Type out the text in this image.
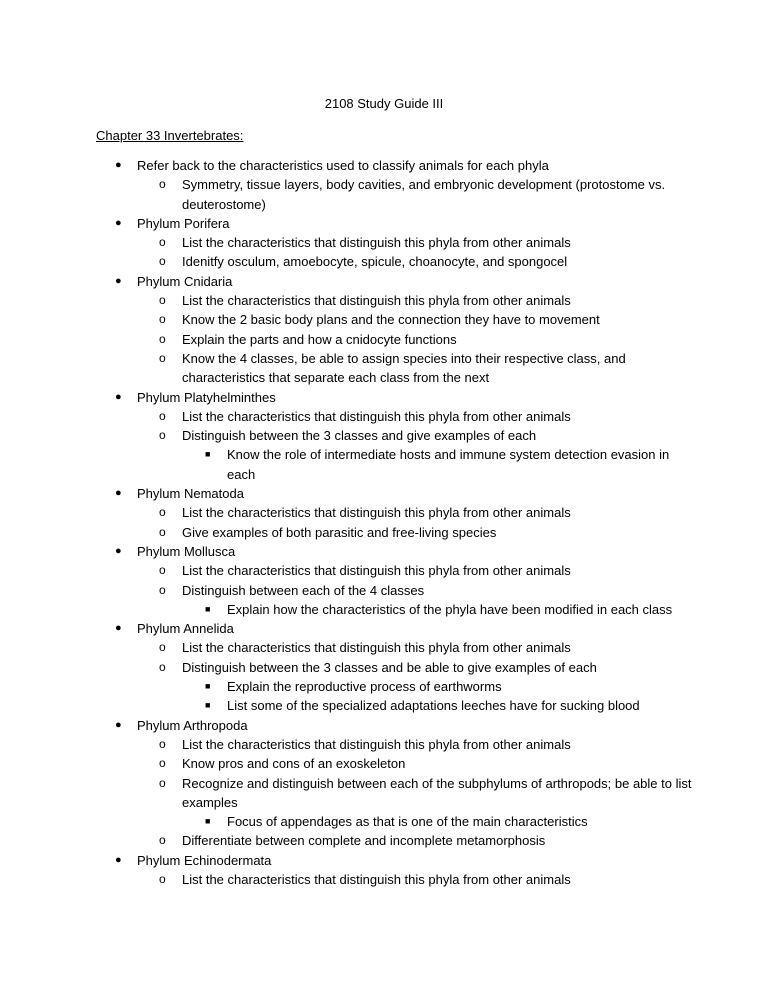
2108 Study Guide III
Chapter 33 Invertebrates:
● Refer back to the characteristics used to classify animals for each phyla
o Symmetry, tissue layers, body cavities, and embryonic development (protostome vs.
deuterostome)
● Phylum Porifera
o List the characteristics that distinguish this phyla from other animals
o Idenitfy osculum, amoebocyte, spicule, choanocyte, and spongocel
● Phylum Cnidaria
o List the characteristics that distinguish this phyla from other animals
o Know the 2 basic body plans and the connection they have to movement
o Explain the parts and how a cnidocyte functions
o Know the 4 classes, be able to assign species into their respective class, and
characteristics that separate each class from the next
● Phylum Platyhelminthes
o List the characteristics that distinguish this phyla from other animals
o Distinguish between the 3 classes and give examples of each
■ Know the role of intermediate hosts and immune system detection evasion in
each
● Phylum Nematoda
o List the characteristics that distinguish this phyla from other animals
o Give examples of both parasitic and free-living species
● Phylum Mollusca
o List the characteristics that distinguish this phyla from other animals
o Distinguish between each of the 4 classes
■ Explain how the characteristics of the phyla have been modified in each class
● Phylum Annelida
o List the characteristics that distinguish this phyla from other animals
o Distinguish between the 3 classes and be able to give examples of each
■ Explain the reproductive process of earthworms
■ List some of the specialized adaptations leeches have for sucking blood
● Phylum Arthropoda
o List the characteristics that distinguish this phyla from other animals
o Know pros and cons of an exoskeleton
o Recognize and distinguish between each of the subphylums of arthropods; be able to list
examples
■ Focus of appendages as that is one of the main characteristics
o Differentiate between complete and incomplete metamorphosis
● Phylum Echinodermata
o List the characteristics that distinguish this phyla from other animals
